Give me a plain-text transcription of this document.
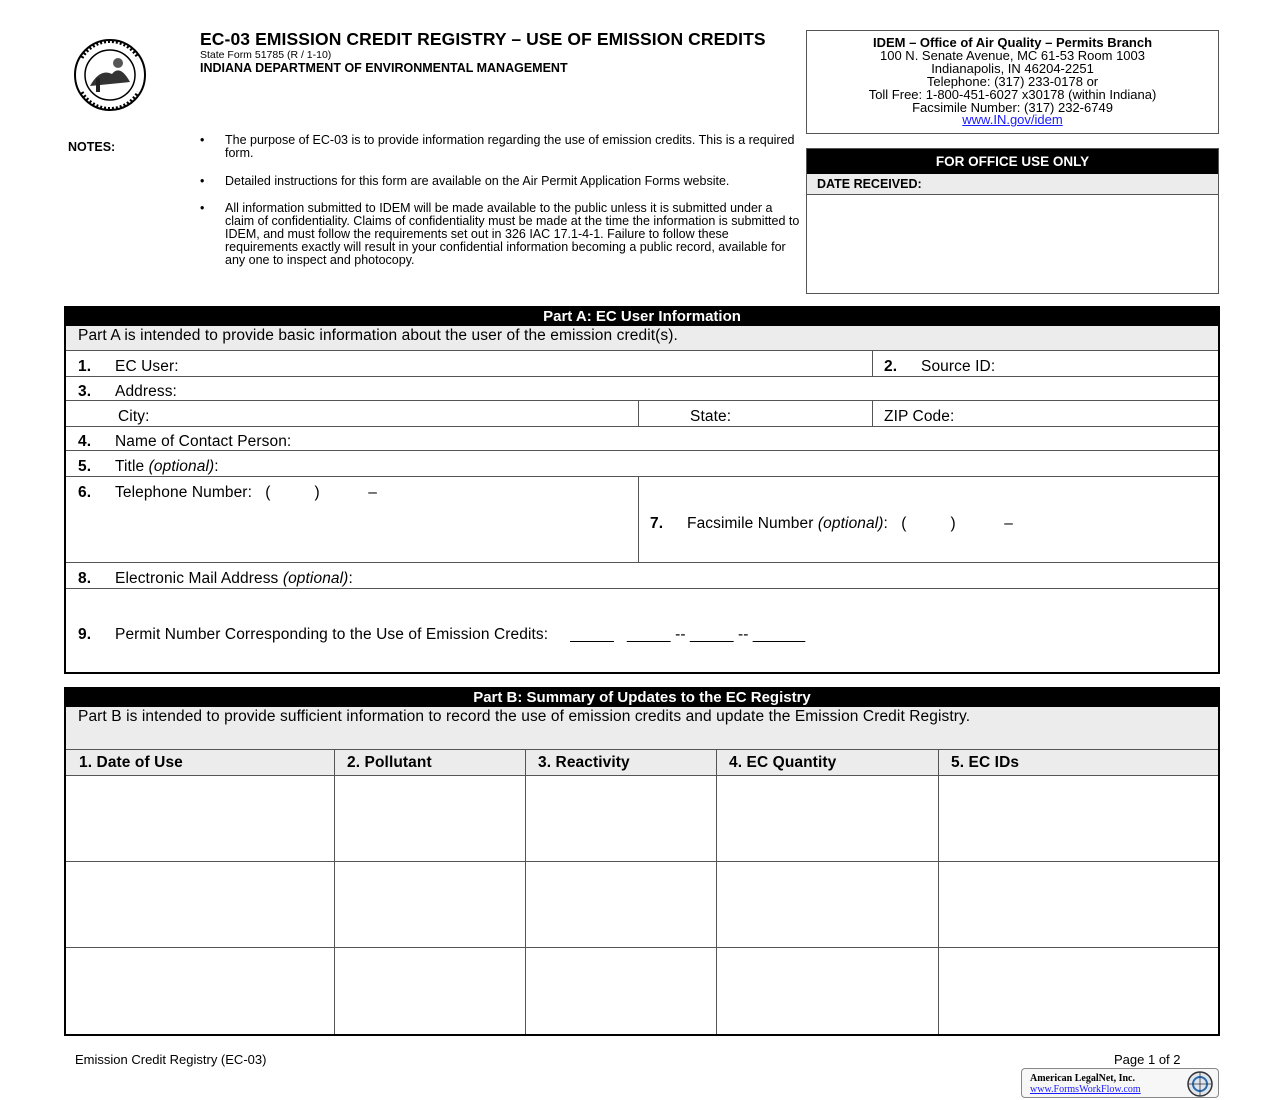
EC-03 EMISSION CREDIT REGISTRY – USE OF EMISSION CREDITS
State Form 51785 (R / 1-10)
INDIANA DEPARTMENT OF ENVIRONMENTAL MANAGEMENT
IDEM – Office of Air Quality – Permits Branch
100 N. Senate Avenue, MC 61-53 Room 1003
Indianapolis, IN 46204-2251
Telephone: (317) 233-0178 or
Toll Free: 1-800-451-6027 x30178 (within Indiana)
Facsimile Number: (317) 232-6749
www.IN.gov/idem
FOR OFFICE USE ONLY
DATE RECEIVED:
NOTES:	• The purpose of EC-03 is to provide information regarding the use of emission credits. This is a required form.
• Detailed instructions for this form are available on the Air Permit Application Forms website.
• All information submitted to IDEM will be made available to the public unless it is submitted under a claim of confidentiality. Claims of confidentiality must be made at the time the information is submitted to IDEM, and must follow the requirements set out in 326 IAC 17.1-4-1. Failure to follow these requirements exactly will result in your confidential information becoming a public record, available for any one to inspect and photocopy.
Part A: EC User Information
Part A is intended to provide basic information about the user of the emission credit(s).
1. EC User:	2. Source ID:
3. Address:
City:	State:	ZIP Code:
4. Name of Contact Person:
5. Title (optional):
6. Telephone Number: (          )           –
7. Facsimile Number (optional): (          )           –
8. Electronic Mail Address (optional):
9. Permit Number Corresponding to the Use of Emission Credits: _____   _____ -- _____ -- ______
Part B: Summary of Updates to the EC Registry
Part B is intended to provide sufficient information to record the use of emission credits and update the Emission Credit Registry.
1. Date of Use	2. Pollutant	3. Reactivity	4. EC Quantity	5. EC IDs
Emission Credit Registry (EC-03)	Page 1 of 2
American LegalNet, Inc.
www.FormsWorkFlow.com
